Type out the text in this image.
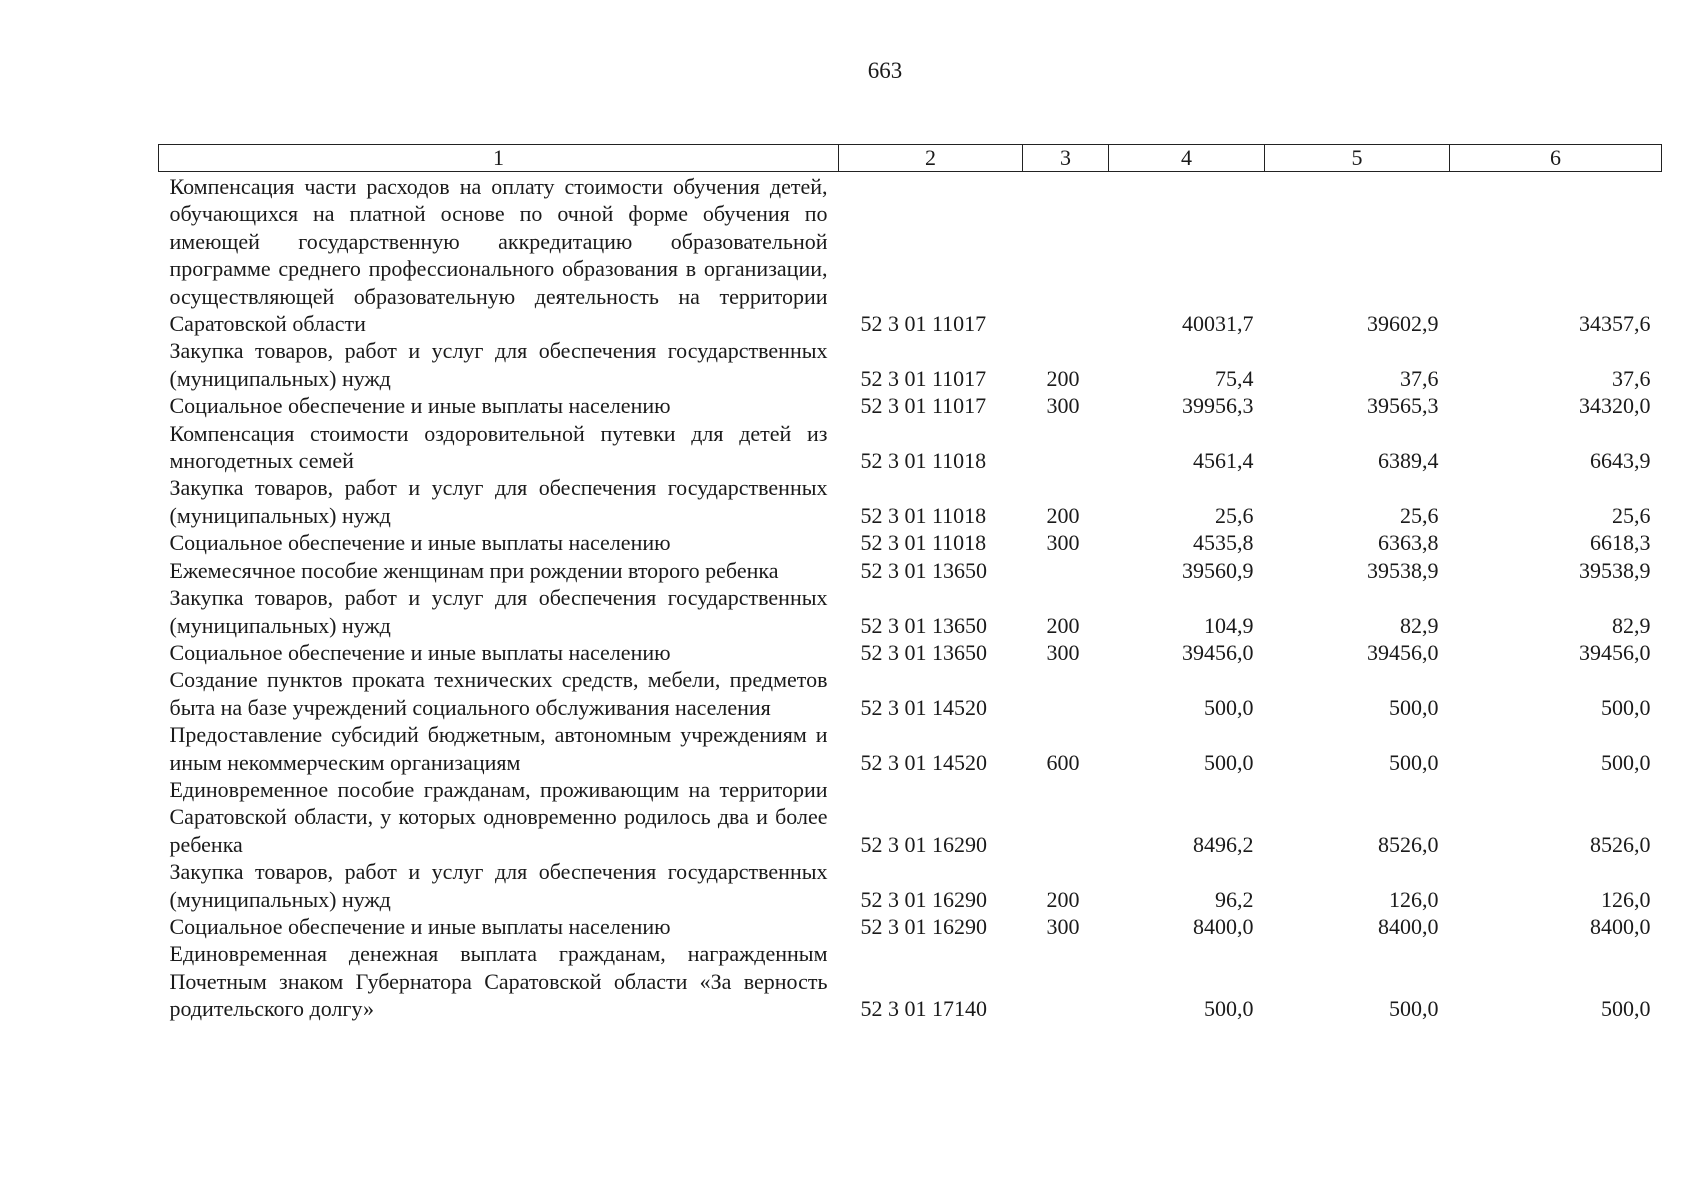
663
1	2	3	4	5	6
Компенсация части расходов на оплату стоимости обучения детей, обучающихся на платной основе по очной форме обучения по имеющей государственную аккредитацию образовательной программе среднего профессионального образования в организации, осуществляющей образовательную деятельность на территории Саратовской области	52 3 01 11017		40031,7	39602,9	34357,6
Закупка товаров, работ и услуг для обеспечения государственных (муниципальных) нужд	52 3 01 11017	200	75,4	37,6	37,6
Социальное обеспечение и иные выплаты населению	52 3 01 11017	300	39956,3	39565,3	34320,0
Компенсация стоимости оздоровительной путевки для детей из многодетных семей	52 3 01 11018		4561,4	6389,4	6643,9
Закупка товаров, работ и услуг для обеспечения государственных (муниципальных) нужд	52 3 01 11018	200	25,6	25,6	25,6
Социальное обеспечение и иные выплаты населению	52 3 01 11018	300	4535,8	6363,8	6618,3
Ежемесячное пособие женщинам при рождении второго ребенка	52 3 01 13650		39560,9	39538,9	39538,9
Закупка товаров, работ и услуг для обеспечения государственных (муниципальных) нужд	52 3 01 13650	200	104,9	82,9	82,9
Социальное обеспечение и иные выплаты населению	52 3 01 13650	300	39456,0	39456,0	39456,0
Создание пунктов проката технических средств, мебели, предметов быта на базе учреждений социального обслуживания населения	52 3 01 14520		500,0	500,0	500,0
Предоставление субсидий бюджетным, автономным учреждениям и иным некоммерческим организациям	52 3 01 14520	600	500,0	500,0	500,0
Единовременное пособие гражданам, проживающим на территории Саратовской области, у которых одновременно родилось два и более ребенка	52 3 01 16290		8496,2	8526,0	8526,0
Закупка товаров, работ и услуг для обеспечения государственных (муниципальных) нужд	52 3 01 16290	200	96,2	126,0	126,0
Социальное обеспечение и иные выплаты населению	52 3 01 16290	300	8400,0	8400,0	8400,0
Единовременная денежная выплата гражданам, награжденным Почетным знаком Губернатора Саратовской области «За верность родительского долгу»	52 3 01 17140		500,0	500,0	500,0
